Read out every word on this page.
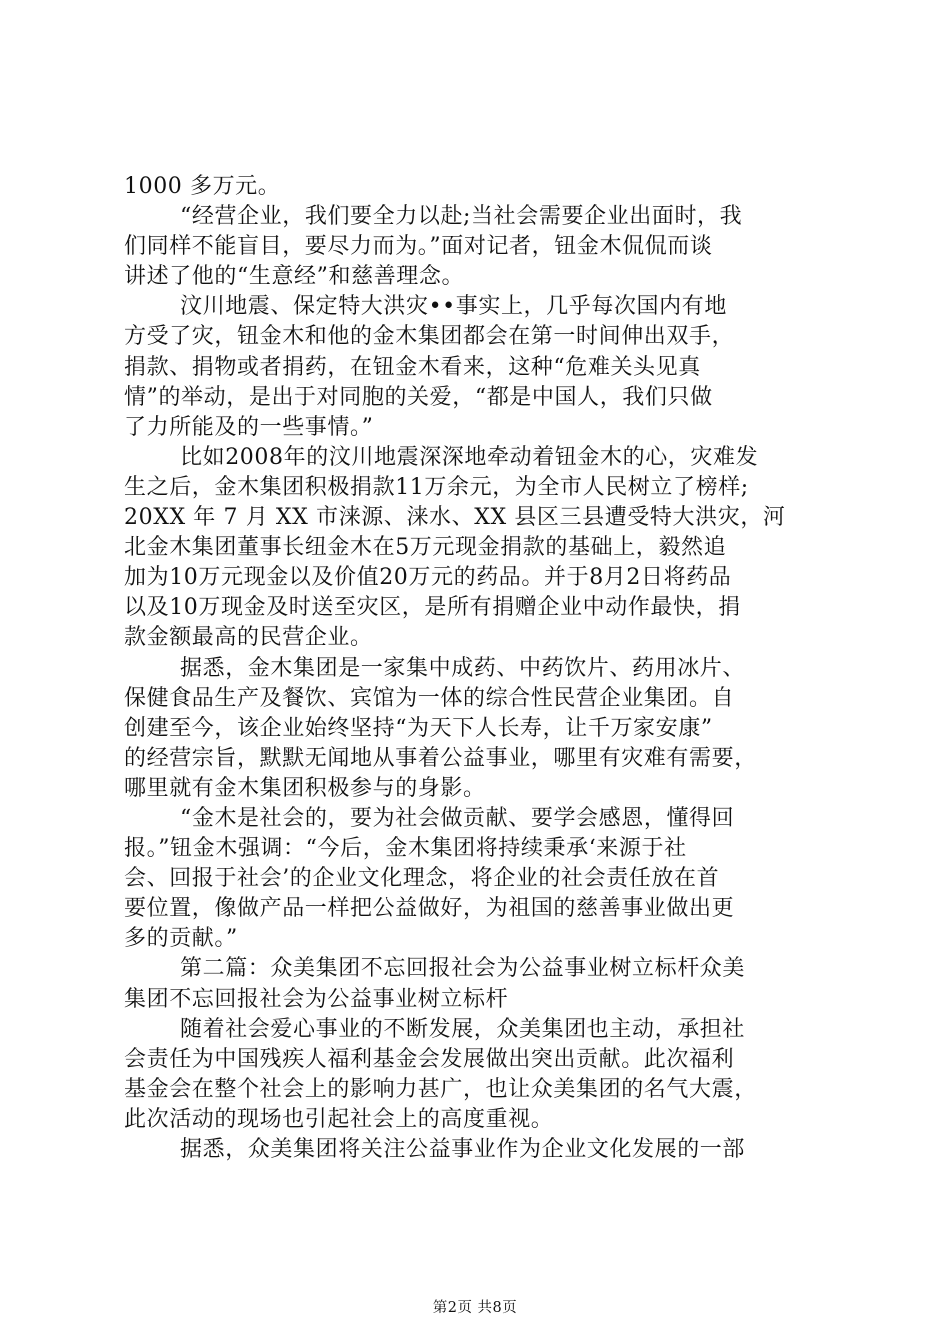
1000 多万元。
“经营企业，我们要全力以赴;当社会需要企业出面时，我
们同样不能盲目，要尽力而为。”面对记者，钮金木侃侃而谈
讲述了他的“生意经”和慈善理念。
汶川地震、保定特大洪灾••事实上，几乎每次国内有地
方受了灾，钮金木和他的金木集团都会在第一时间伸出双手，
捐款、捐物或者捐药，在钮金木看来，这种“危难关头见真
情”的举动，是出于对同胞的关爱，“都是中国人，我们只做
了力所能及的一些事情。”
比如2008年的汶川地震深深地牵动着钮金木的心，灾难发
生之后，金木集团积极捐款11万余元，为全市人民树立了榜样;
20XX 年 7 月 XX 市涞源、涞水、XX 县区三县遭受特大洪灾，河
北金木集团董事长纽金木在5万元现金捐款的基础上，毅然追
加为10万元现金以及价值20万元的药品。并于8月2日将药品
以及10万现金及时送至灾区，是所有捐赠企业中动作最快，捐
款金额最高的民营企业。
据悉，金木集团是一家集中成药、中药饮片、药用冰片、
保健食品生产及餐饮、宾馆为一体的综合性民营企业集团。自
创建至今，该企业始终坚持“为天下人长寿，让千万家安康”
的经营宗旨，默默无闻地从事着公益事业，哪里有灾难有需要，
哪里就有金木集团积极参与的身影。
“金木是社会的，要为社会做贡献、要学会感恩，懂得回
报。”钮金木强调：“今后，金木集团将持续秉承‘来源于社
会、回报于社会’的企业文化理念，将企业的社会责任放在首
要位置，像做产品一样把公益做好，为祖国的慈善事业做出更
多的贡献。”
第二篇：众美集团不忘回报社会为公益事业树立标杆众美
集团不忘回报社会为公益事业树立标杆
随着社会爱心事业的不断发展，众美集团也主动，承担社
会责任为中国残疾人福利基金会发展做出突出贡献。此次福利
基金会在整个社会上的影响力甚广，也让众美集团的名气大震，
此次活动的现场也引起社会上的高度重视。
据悉，众美集团将关注公益事业作为企业文化发展的一部
第2页 共8页
